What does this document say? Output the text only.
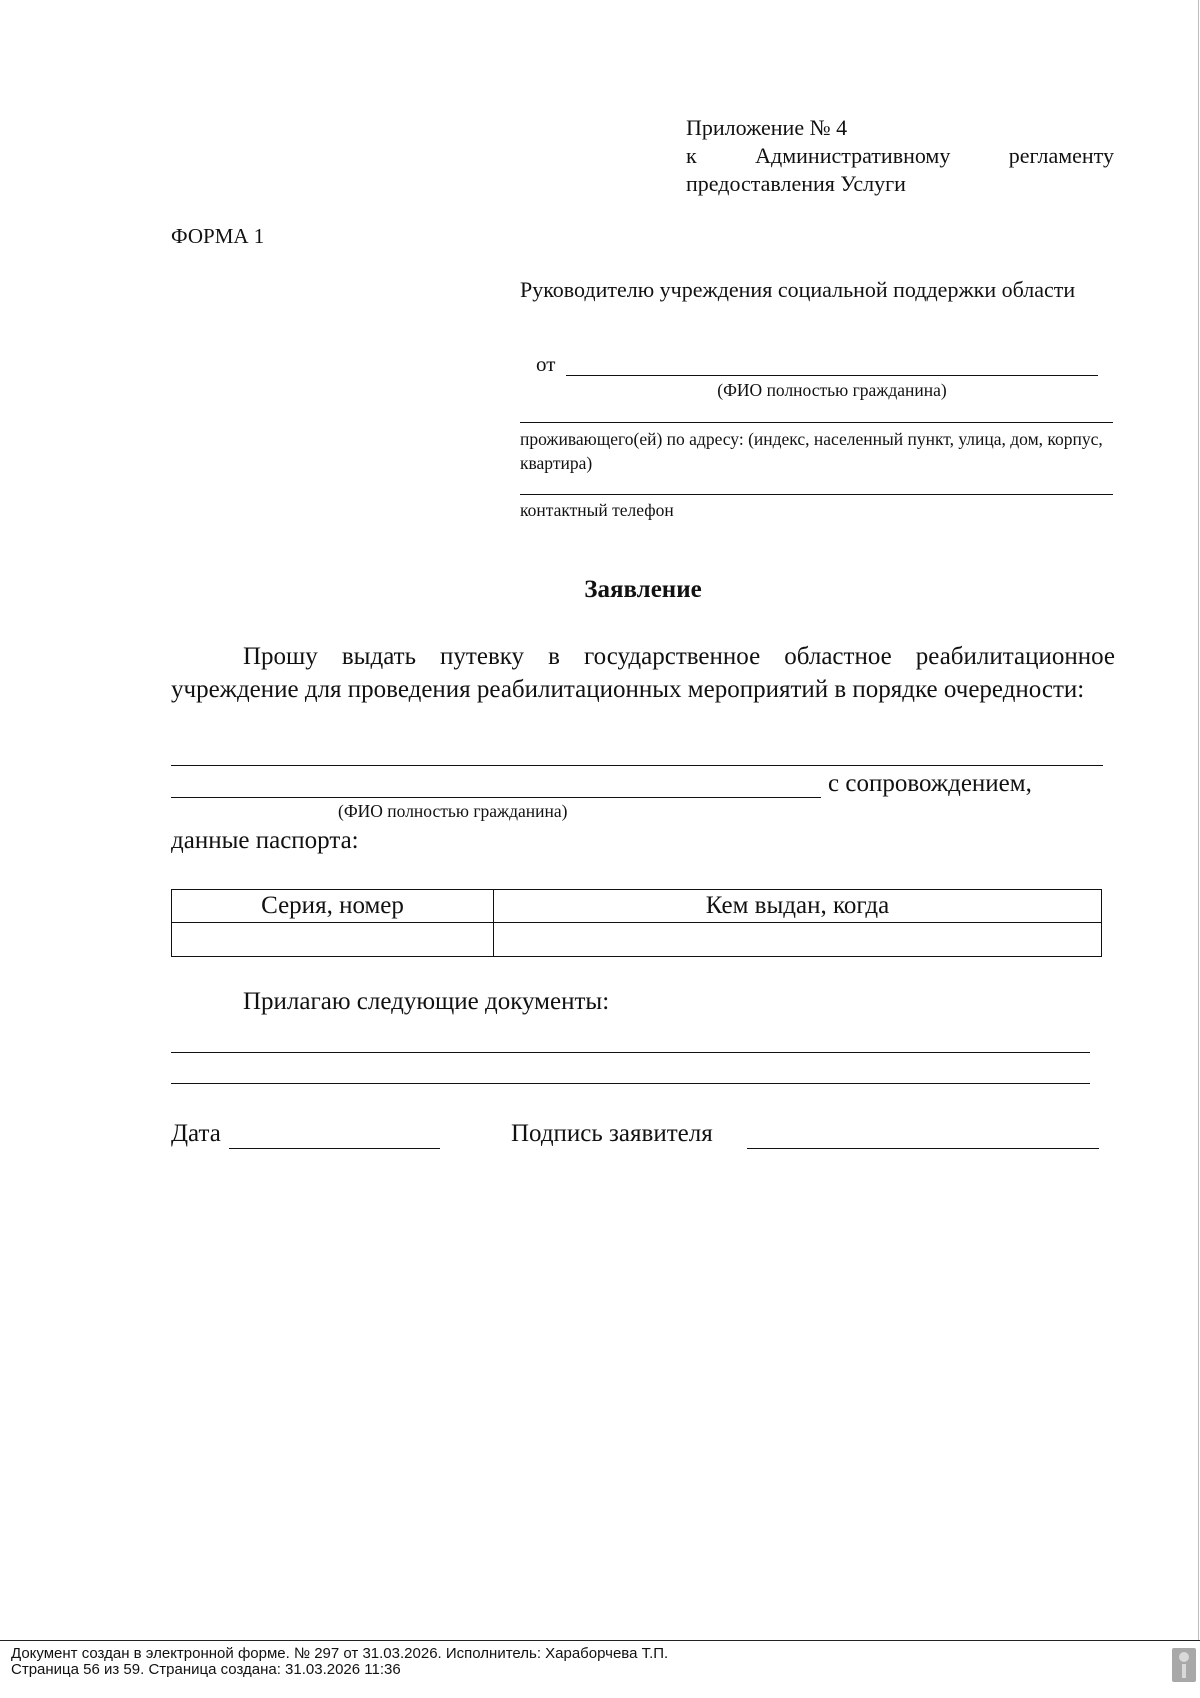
Приложение № 4
к	Административному	регламенту
предоставления Услуги
ФОРМА 1
Руководителю учреждения социальной поддержки области
от
(ФИО полностью гражданина)
проживающего(ей) по адресу: (индекс, населенный пункт, улица, дом, корпус, квартира)
контактный телефон
Заявление
Прошу выдать путевку в государственное областное реабилитационное учреждение для проведения реабилитационных мероприятий в порядке очередности:
с сопровождением,
(ФИО полностью гражданина)
данные паспорта:
Серия, номер	Кем выдан, когда

Прилагаю следующие документы:
Дата	Подпись заявителя
Документ создан в электронной форме. № 297 от 31.03.2026. Исполнитель: Хараборчева Т.П.
Страница 56 из 59. Страница создана: 31.03.2026 11:36
